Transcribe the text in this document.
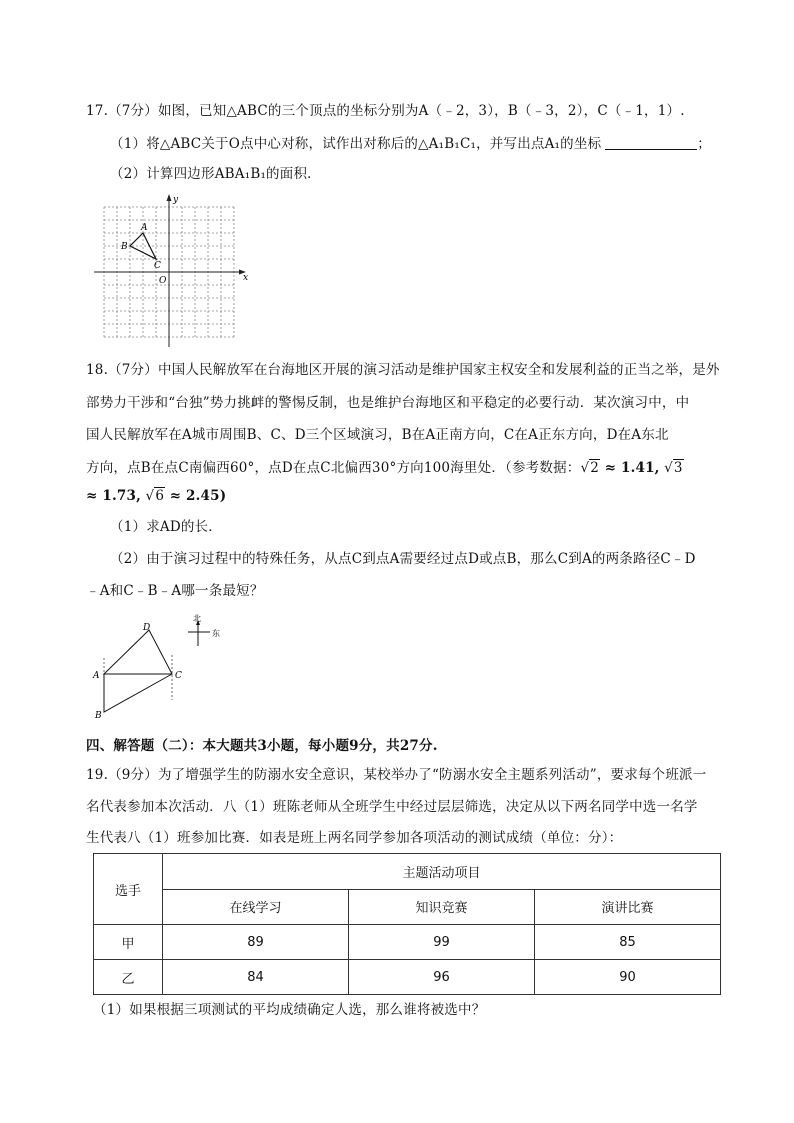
17.（7分）如图，已知△ABC的三个顶点的坐标分别为A（﹣2，3），B（﹣3，2），C（﹣1，1）.
（1）将△ABC关于O点中心对称，试作出对称后的△A₁B₁C₁，并写出点A₁的坐标	；
（2）计算四边形ABA₁B₁的面积．
x
y
O
A
B
C
18.（7分）中国人民解放军在台海地区开展的演习活动是维护国家主权安全和发展利益的正当之举，是外
部势力干涉和“台独”势力挑衅的警惕反制，也是维护台海地区和平稳定的必要行动．某次演习中，中
国人民解放军在A城市周围B、C、D三个区域演习，B在A正南方向，C在A正东方向，D在A东北
方向，点B在点C南偏西60°，点D在点C北偏西30°方向100海里处．（参考数据：√2 ≈ 1.41, √3
≈ 1.73, √6 ≈ 2.45)
（1）求AD的长．
（2）由于演习过程中的特殊任务，从点C到点A需要经过点D或点B，那么C到A的两条路径C﹣D
﹣A和C﹣B﹣A哪一条最短？
D
A	C
B
北
东
四、解答题（二）：本大题共3小题，每小题9分，共27分.
19.（9分）为了增强学生的防溺水安全意识，某校举办了“防溺水安全主题系列活动”，要求每个班派一
名代表参加本次活动．八（1）班陈老师从全班学生中经过层层筛选，决定从以下两名同学中选一名学
生代表八（1）班参加比赛．如表是班上两名同学参加各项活动的测试成绩（单位：分）：
选手	主题活动项目		
	在线学习	知识竞赛	演讲比赛
甲	89	99	85
乙	84	96	90
（1）如果根据三项测试的平均成绩确定人选，那么谁将被选中？
